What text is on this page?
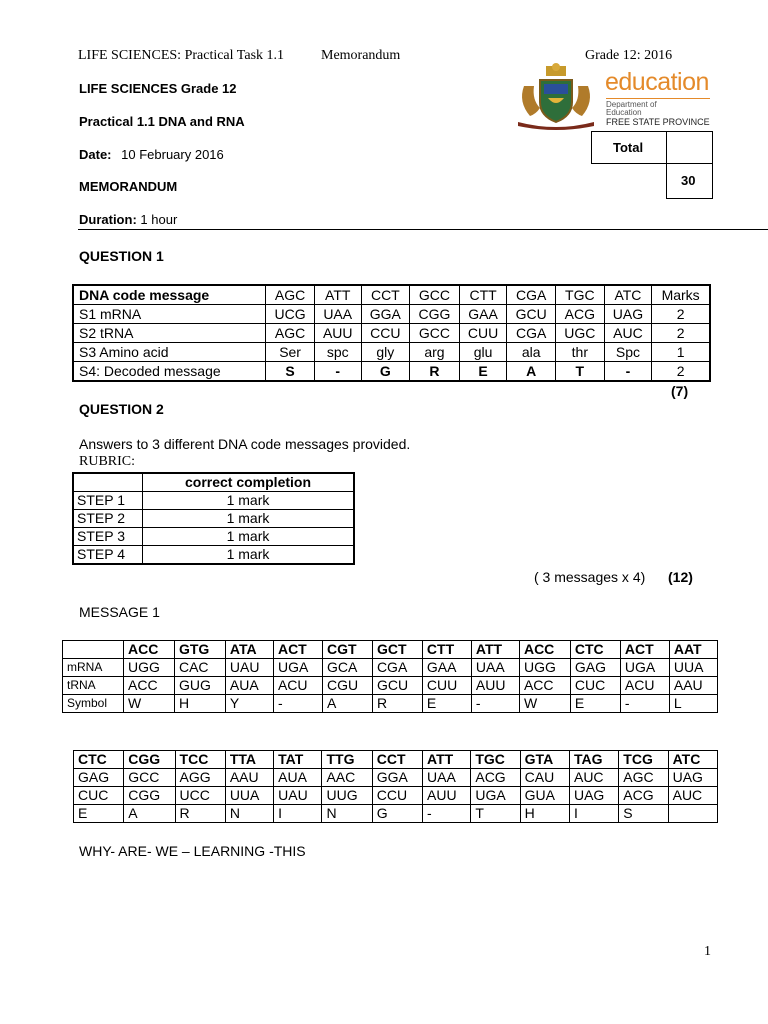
LIFE SCIENCES: Practical Task 1.1	Memorandum	Grade 12: 2016
education
Department of
Education
FREE STATE PROVINCE
LIFE SCIENCES Grade 12
Practical 1.1 DNA and RNA
Date: 10 February 2016
MEMORANDUM
Duration: 1 hour
Total
30
QUESTION 1
DNA code message	AGC	ATT	CCT	GCC	CTT	CGA	TGC	ATC	Marks
S1 mRNA	UCG	UAA	GGA	CGG	GAA	GCU	ACG	UAG	2
S2 tRNA	AGC	AUU	CCU	GCC	CUU	CGA	UGC	AUC	2
S3 Amino acid	Ser	spc	gly	arg	glu	ala	thr	Spc	1
S4: Decoded message	S	-	G	R	E	A	T	-	2
(7)
QUESTION 2
Answers to 3 different DNA code messages provided.
RUBRIC:
	correct completion
STEP 1	1 mark
STEP 2	1 mark
STEP 3	1 mark
STEP 4	1 mark
( 3 messages x 4) (12)
MESSAGE 1
	ACC	GTG	ATA	ACT	CGT	GCT	CTT	ATT	ACC	CTC	ACT	AAT
mRNA	UGG	CAC	UAU	UGA	GCA	CGA	GAA	UAA	UGG	GAG	UGA	UUA
tRNA	ACC	GUG	AUA	ACU	CGU	GCU	CUU	AUU	ACC	CUC	ACU	AAU
Symbol	W	H	Y	-	A	R	E	-	W	E	-	L
CTC	CGG	TCC	TTA	TAT	TTG	CCT	ATT	TGC	GTA	TAG	TCG	ATC
GAG	GCC	AGG	AAU	AUA	AAC	GGA	UAA	ACG	CAU	AUC	AGC	UAG
CUC	CGG	UCC	UUA	UAU	UUG	CCU	AUU	UGA	GUA	UAG	ACG	AUC
E	A	R	N	I	N	G	-	T	H	I	S	
WHY- ARE- WE – LEARNING -THIS
1
